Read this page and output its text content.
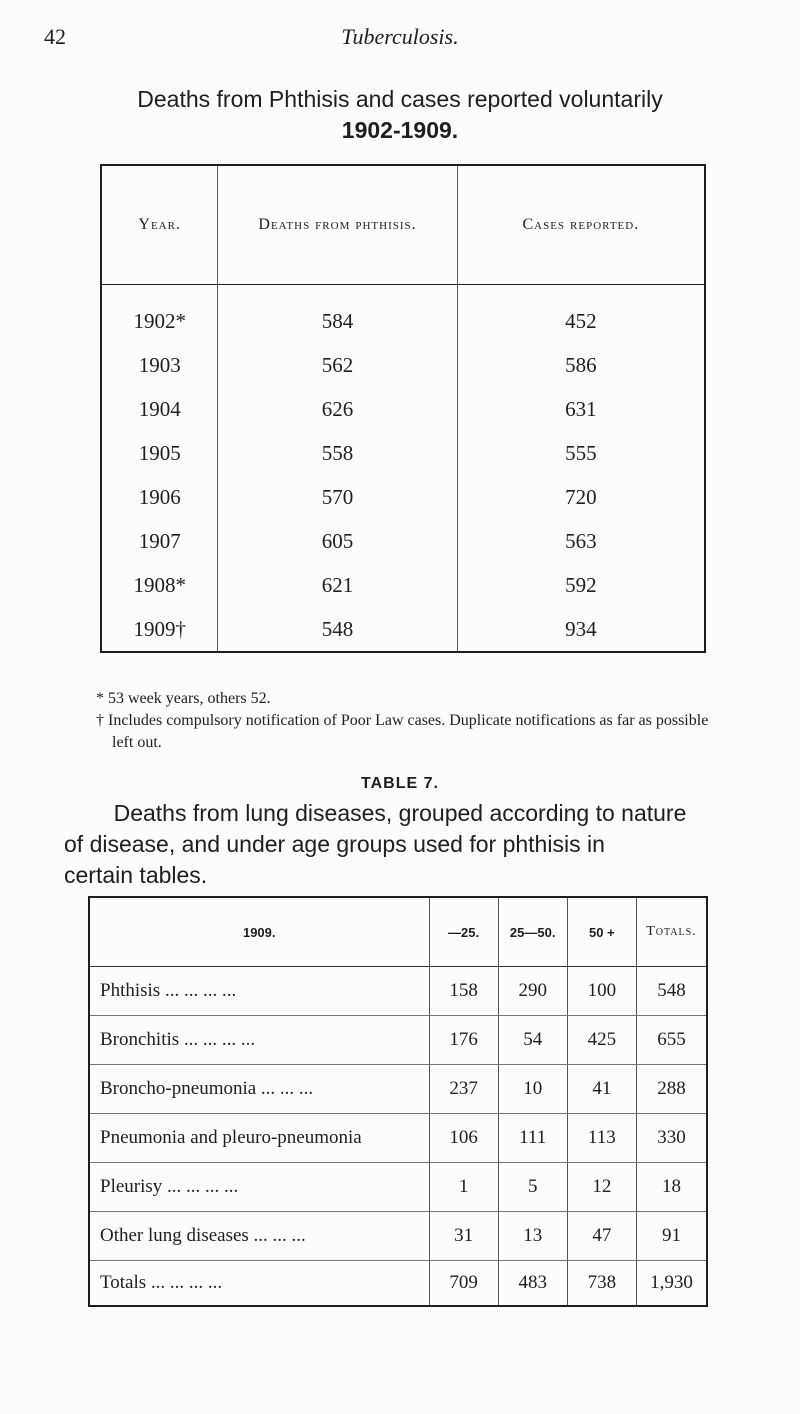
42	Tuberculosis.
Deaths from Phthisis and cases reported voluntarily
1902-1909.
Year.	Deaths from phthisis.	Cases reported.
1902*	584	452
1903	562	586
1904	626	631
1905	558	555
1906	570	720
1907	605	563
1908*	621	592
1909†	548	934
* 53 week years, others 52.
† Includes compulsory notification of Poor Law cases. Duplicate notifications as far as possible left out.
TABLE 7.
Deaths from lung diseases, grouped according to nature
of disease, and under age groups used for phthisis in
certain tables.
1909.	—25.	25—50.	50 +	Totals.
Phthisis ... ... ... ...	158	290	100	548
Bronchitis ... ... ... ...	176	54	425	655
Broncho-pneumonia ... ... ...	237	10	41	288
Pneumonia and pleuro-pneumonia	106	111	113	330
Pleurisy ... ... ... ...	1	5	12	18
Other lung diseases ... ... ...	31	13	47	91
Totals ... ... ... ...	709	483	738	1,930
